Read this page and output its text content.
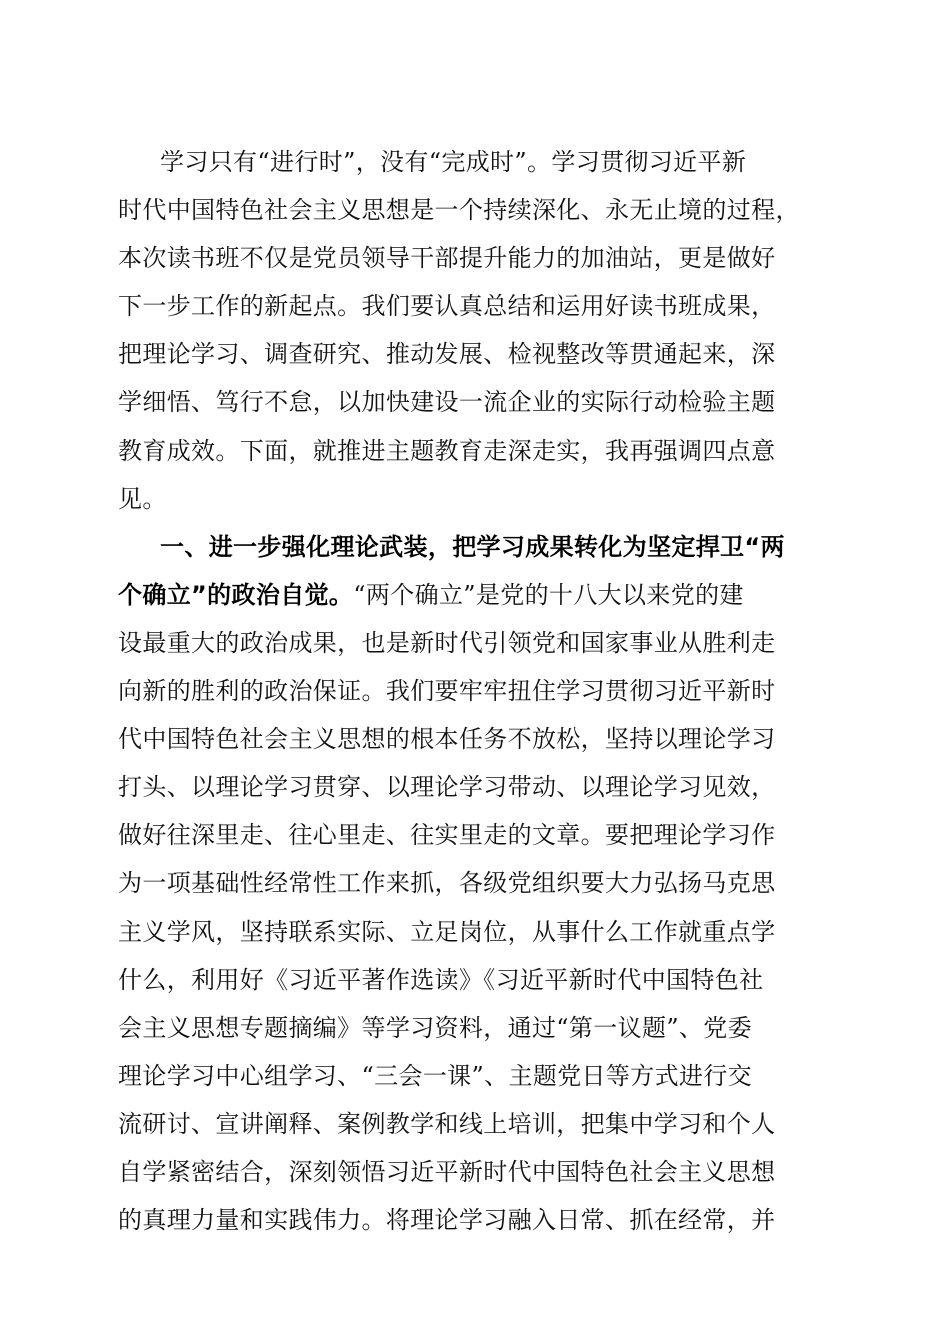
学习只有“进行时”，没有“完成时”。学习贯彻习近平新
时代中国特色社会主义思想是一个持续深化、永无止境的过程，
本次读书班不仅是党员领导干部提升能力的加油站，更是做好
下一步工作的新起点。我们要认真总结和运用好读书班成果，
把理论学习、调查研究、推动发展、检视整改等贯通起来，深
学细悟、笃行不怠，以加快建设一流企业的实际行动检验主题
教育成效。下面，就推进主题教育走深走实，我再强调四点意
见。
一、进一步强化理论武装，把学习成果转化为坚定捍卫“两
个确立”的政治自觉。“两个确立”是党的十八大以来党的建
设最重大的政治成果，也是新时代引领党和国家事业从胜利走
向新的胜利的政治保证。我们要牢牢扭住学习贯彻习近平新时
代中国特色社会主义思想的根本任务不放松，坚持以理论学习
打头、以理论学习贯穿、以理论学习带动、以理论学习见效，
做好往深里走、往心里走、往实里走的文章。要把理论学习作
为一项基础性经常性工作来抓，各级党组织要大力弘扬马克思
主义学风，坚持联系实际、立足岗位，从事什么工作就重点学
什么，利用好《习近平著作选读》《习近平新时代中国特色社
会主义思想专题摘编》等学习资料，通过“第一议题”、党委
理论学习中心组学习、“三会一课”、主题党日等方式进行交
流研讨、宣讲阐释、案例教学和线上培训，把集中学习和个人
自学紧密结合，深刻领悟习近平新时代中国特色社会主义思想
的真理力量和实践伟力。将理论学习融入日常、抓在经常，并
